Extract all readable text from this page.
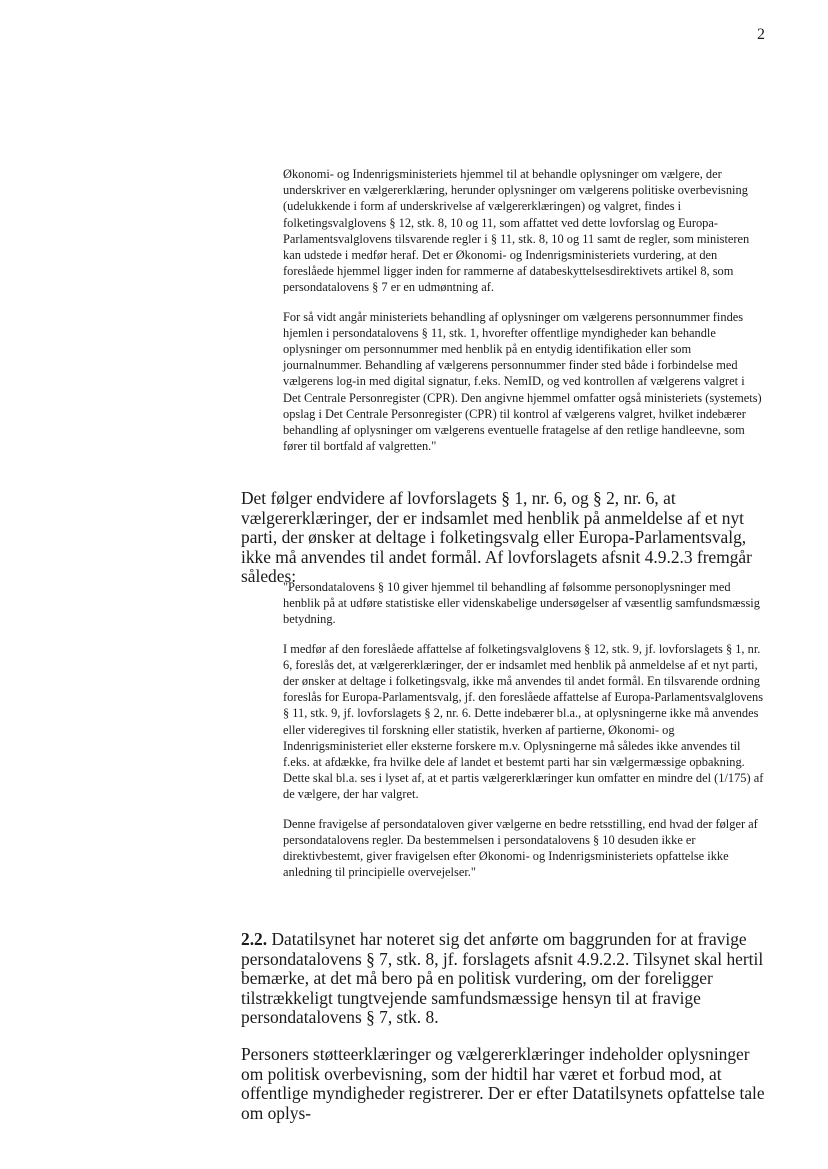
2

Økonomi- og Indenrigsministeriets hjemmel til at behandle oplysninger om vælgere, der underskriver en vælgererklæring, herunder oplysninger om vælgerens politiske overbevisning (udelukkende i form af underskrivelse af vælgererklæringen) og valgret, findes i folketingsvalglovens § 12, stk. 8, 10 og 11, som affattet ved dette lovforslag og Europa-Parlamentsvalglovens tilsvarende regler i § 11, stk. 8, 10 og 11 samt de regler, som ministeren kan udstede i medfør heraf. Det er Økonomi- og Indenrigsministeriets vurdering, at den foreslåede hjemmel ligger inden for rammerne af databeskyttelsesdirektivets artikel 8, som persondatalovens § 7 er en udmøntning af.

For så vidt angår ministeriets behandling af oplysninger om vælgerens personnummer findes hjemlen i persondatalovens § 11, stk. 1, hvorefter offentlige myndigheder kan behandle oplysninger om personnummer med henblik på en entydig identifikation eller som journalnummer. Behandling af vælgerens personnummer finder sted både i forbindelse med vælgerens log-in med digital signatur, f.eks. NemID, og ved kontrollen af vælgerens valgret i Det Centrale Personregister (CPR). Den angivne hjemmel omfatter også ministeriets (systemets) opslag i Det Centrale Personregister (CPR) til kontrol af vælgerens valgret, hvilket indebærer behandling af oplysninger om vælgerens eventuelle fratagelse af den retlige handleevne, som fører til bortfald af valgretten."

Det følger endvidere af lovforslagets § 1, nr. 6, og § 2, nr. 6, at vælgererklæringer, der er indsamlet med henblik på anmeldelse af et nyt parti, der ønsker at deltage i folketingsvalg eller Europa-Parlamentsvalg, ikke må anvendes til andet formål. Af lovforslagets afsnit 4.9.2.3 fremgår således:

"Persondatalovens § 10 giver hjemmel til behandling af følsomme personoplysninger med henblik på at udføre statistiske eller videnskabelige undersøgelser af væsentlig samfundsmæssig betydning.

I medfør af den foreslåede affattelse af folketingsvalglovens § 12, stk. 9, jf. lovforslagets § 1, nr. 6, foreslås det, at vælgererklæringer, der er indsamlet med henblik på anmeldelse af et nyt parti, der ønsker at deltage i folketingsvalg, ikke må anvendes til andet formål. En tilsvarende ordning foreslås for Europa-Parlamentsvalg, jf. den foreslåede affattelse af Europa-Parlamentsvalglovens § 11, stk. 9, jf. lovforslagets § 2, nr. 6. Dette indebærer bl.a., at oplysningerne ikke må anvendes eller videregives til forskning eller statistik, hverken af partierne, Økonomi- og Indenrigsministeriet eller eksterne forskere m.v. Oplysningerne må således ikke anvendes til f.eks. at afdække, fra hvilke dele af landet et bestemt parti har sin vælgermæssige opbakning. Dette skal bl.a. ses i lyset af, at et partis vælgererklæringer kun omfatter en mindre del (1/175) af de vælgere, der har valgret.

Denne fravigelse af persondataloven giver vælgerne en bedre retsstilling, end hvad der følger af persondatalovens regler. Da bestemmelsen i persondatalovens § 10 desuden ikke er direktivbestemt, giver fravigelsen efter Økonomi- og Indenrigsministeriets opfattelse ikke anledning til principielle overvejelser."

2.2. Datatilsynet har noteret sig det anførte om baggrunden for at fravige persondatalovens § 7, stk. 8, jf. forslagets afsnit 4.9.2.2. Tilsynet skal hertil bemærke, at det må bero på en politisk vurdering, om der foreligger tilstrækkeligt tungtvejende samfundsmæssige hensyn til at fravige persondatalovens § 7, stk. 8.

Personers støtteerklæringer og vælgererklæringer indeholder oplysninger om politisk overbevisning, som der hidtil har været et forbud mod, at offentlige myndigheder registrerer. Der er efter Datatilsynets opfattelse tale om oplys-
